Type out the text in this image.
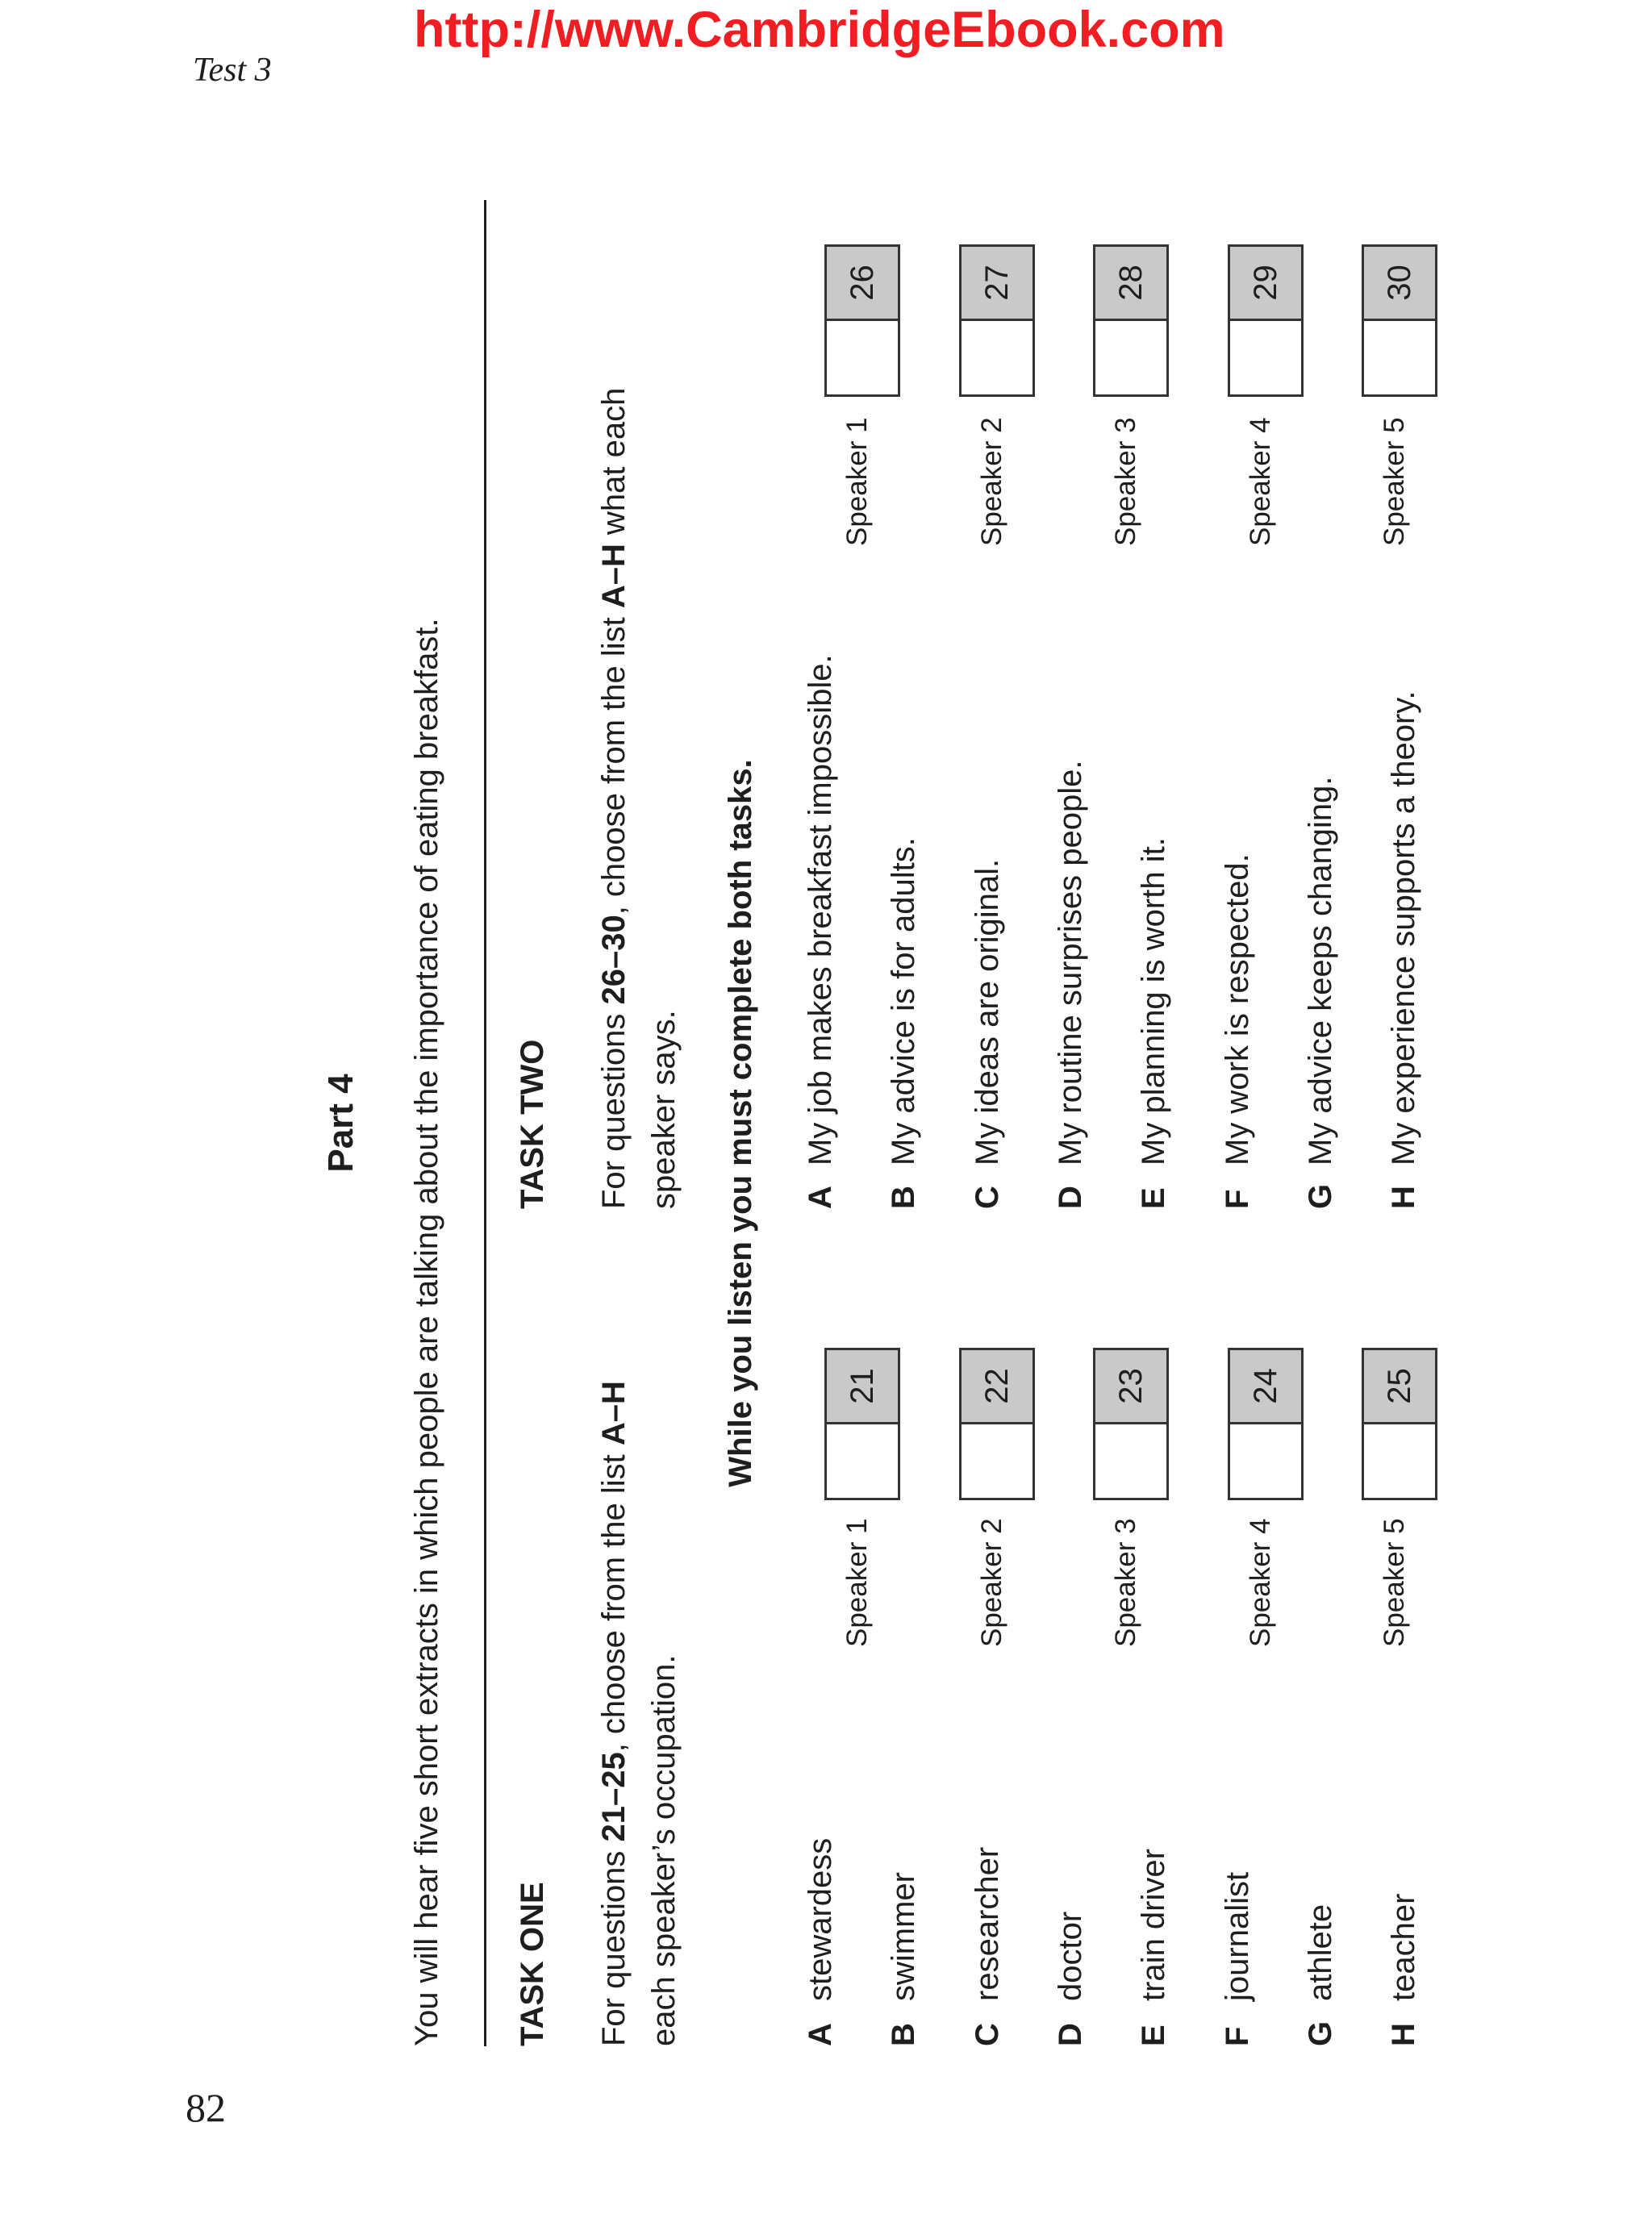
http://www.CambridgeEbook.com
Test 3
82
Part 4 You will hear five short extracts in which people are talking about the importance of eating breakfast. TASK ONE For questions 21–25, choose from the list A–H
each speaker’s occupation.
TASK TWO For questions 26–30, choose from the list A–H what each
speaker says. While you listen you must complete both tasks.
A
stewardess
B
swimmer
C
researcher
D
doctor
E
train driver
F
journalist
G
athlete
H
teacher
Speaker 1
21
Speaker 2
22
Speaker 3
23
Speaker 4
24
Speaker 5
25
A
My job makes breakfast impossible.
B
My advice is for adults.
C
My ideas are original.
D
My routine surprises people.
E
My planning is worth it.
F
My work is respected.
G
My advice keeps changing.
H
My experience supports a theory.
Speaker 1
26
Speaker 2
27
Speaker 3
28
Speaker 4
29
Speaker 5
30
